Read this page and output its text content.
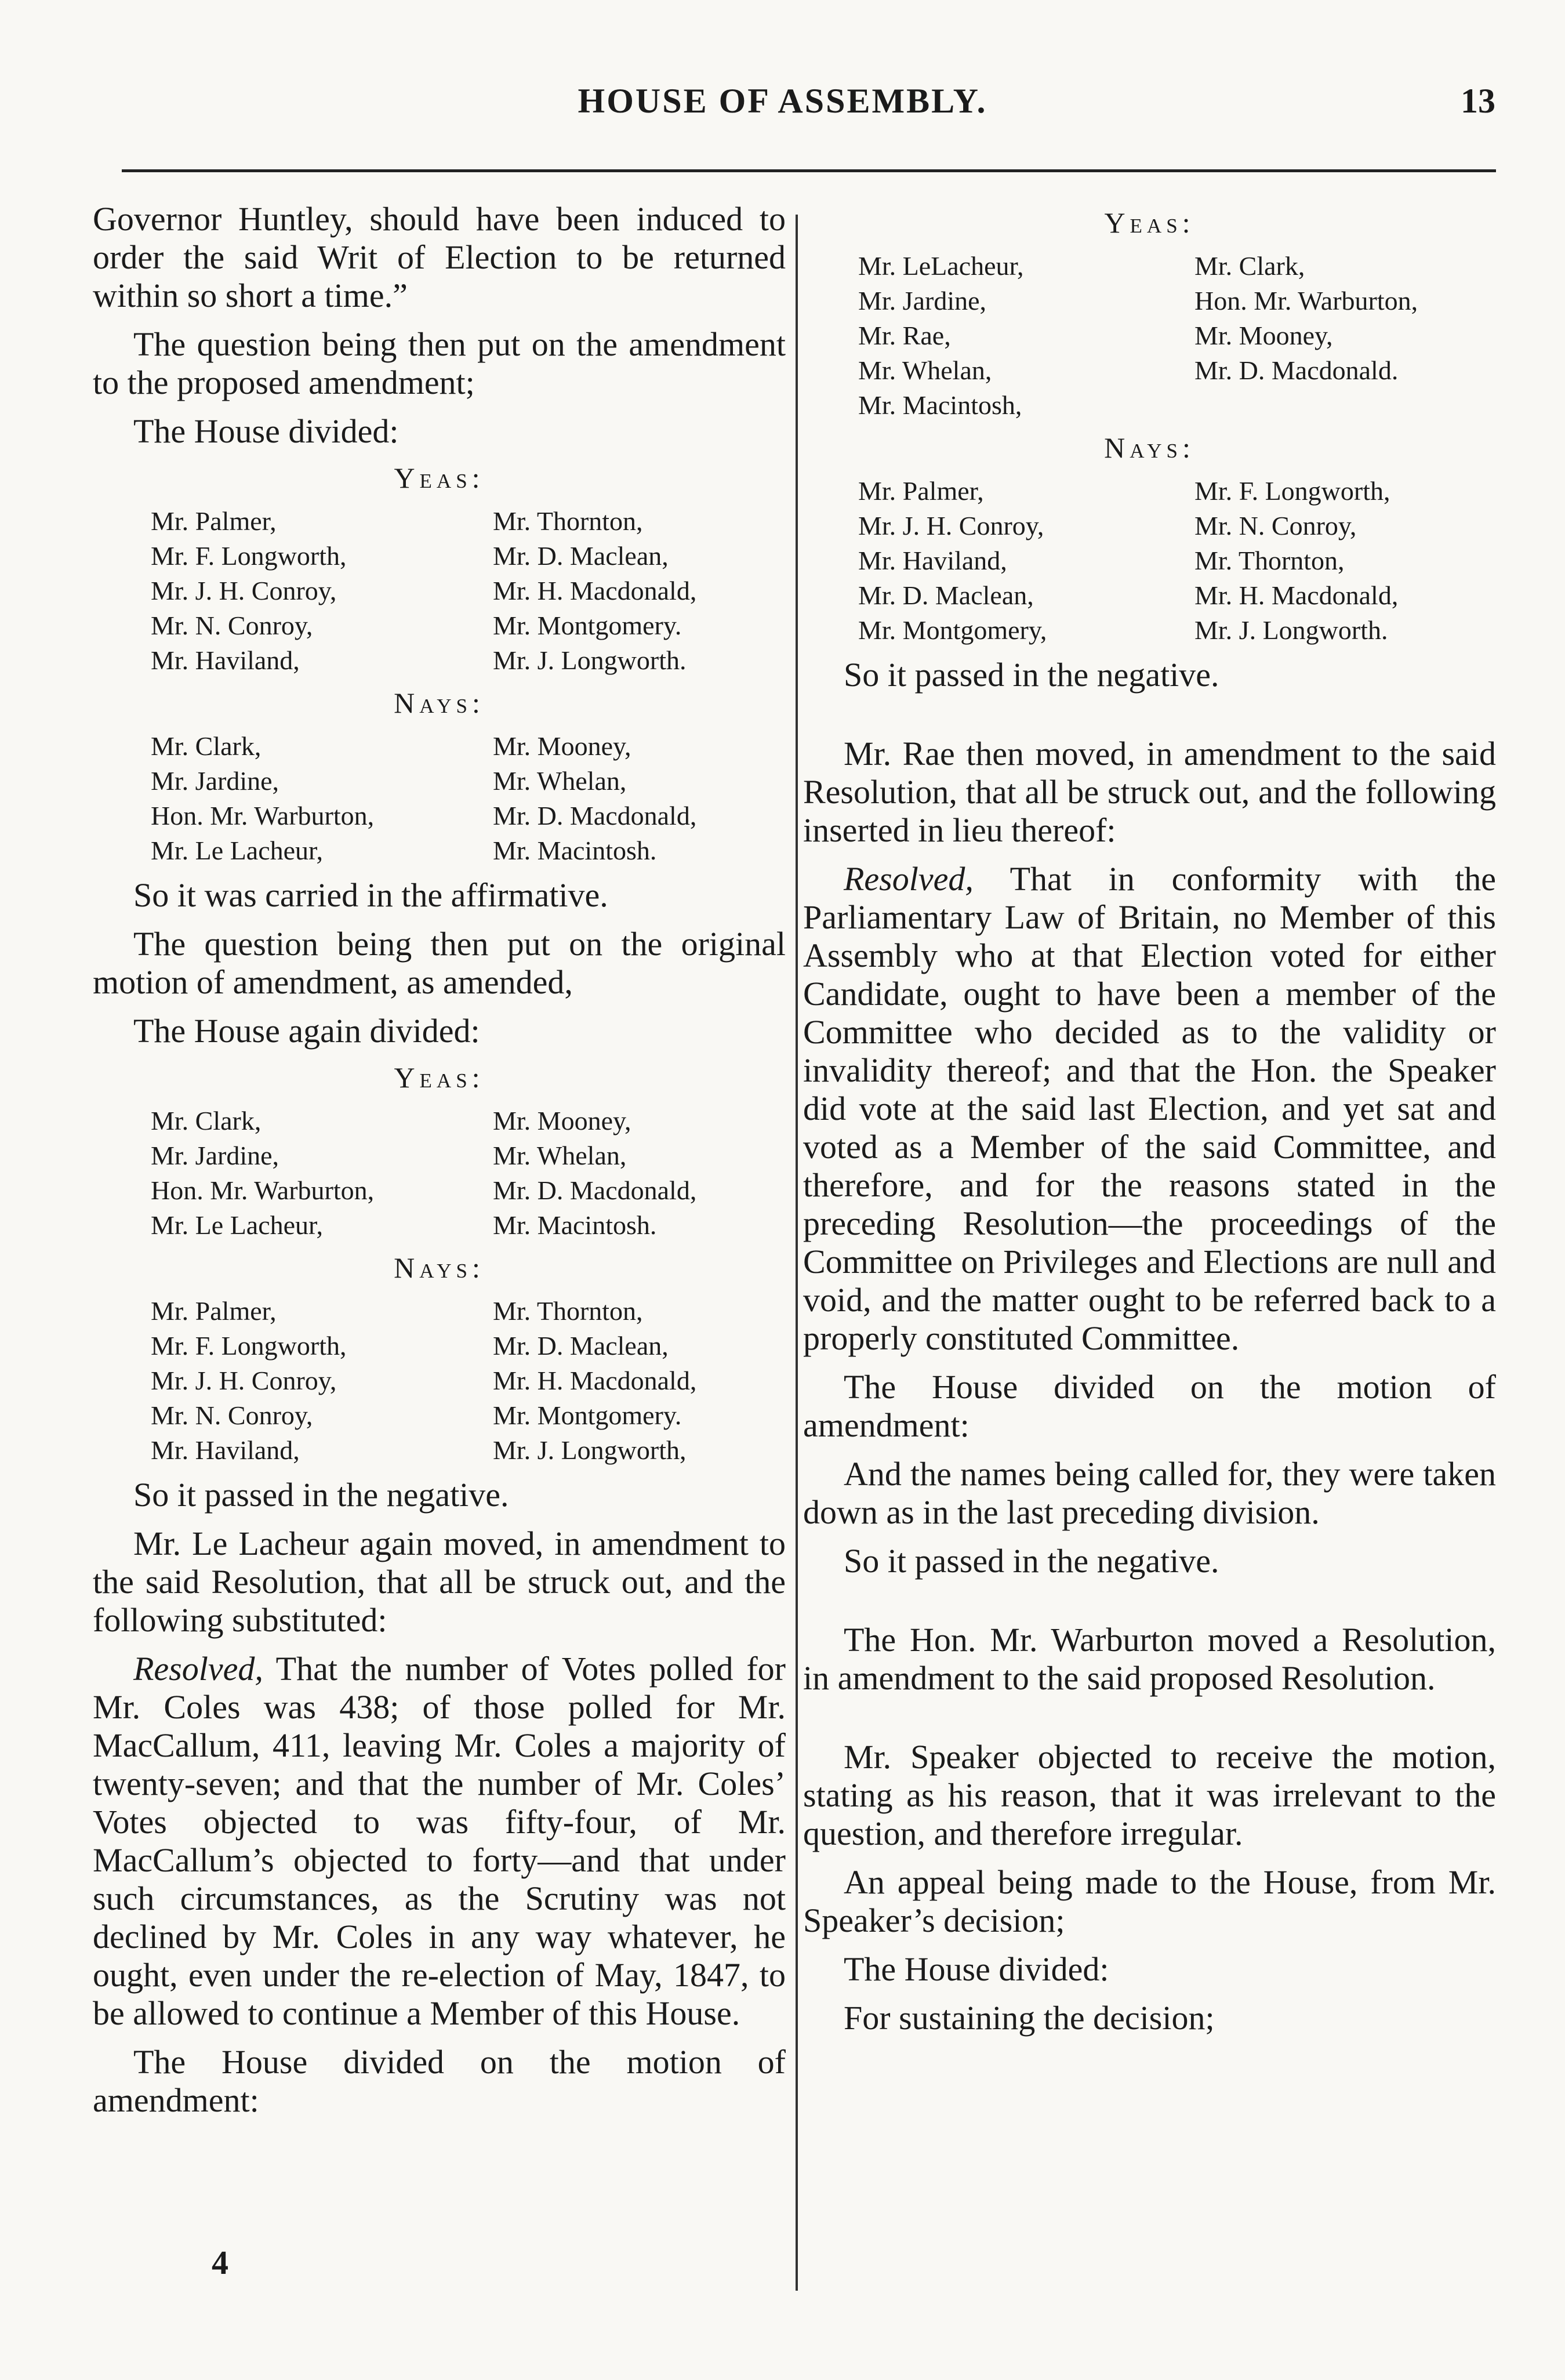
HOUSE OF ASSEMBLY.	13

Governor Huntley, should have been induced to order the said Writ of Election to be returned within so short a time.”

The question being then put on the amendment to the proposed amendment;

The House divided:

Yeas:
Mr. Palmer,	Mr. Thornton,
Mr. F. Longworth,	Mr. D. Maclean,
Mr. J. H. Conroy,	Mr. H. Macdonald,
Mr. N. Conroy,	Mr. Montgomery.
Mr. Haviland,	Mr. J. Longworth.
Nays:
Mr. Clark,	Mr. Mooney,
Mr. Jardine,	Mr. Whelan,
Hon. Mr. Warburton,	Mr. D. Macdonald,
Mr. Le Lacheur,	Mr. Macintosh.

So it was carried in the affirmative.

The question being then put on the original motion of amendment, as amended,

The House again divided:

Yeas:
Mr. Clark,	Mr. Mooney,
Mr. Jardine,	Mr. Whelan,
Hon. Mr. Warburton,	Mr. D. Macdonald,
Mr. Le Lacheur,	Mr. Macintosh.
Nays:
Mr. Palmer,	Mr. Thornton,
Mr. F. Longworth,	Mr. D. Maclean,
Mr. J. H. Conroy,	Mr. H. Macdonald,
Mr. N. Conroy,	Mr. Montgomery.
Mr. Haviland,	Mr. J. Longworth,

So it passed in the negative.

Mr. Le Lacheur again moved, in amendment to the said Resolution, that all be struck out, and the following substituted:

Resolved, That the number of Votes polled for Mr. Coles was 438; of those polled for Mr. MacCallum, 411, leaving Mr. Coles a majority of twenty-seven; and that the number of Mr. Coles’ Votes objected to was fifty-four, of Mr. MacCallum’s objected to forty—and that under such circumstances, as the Scrutiny was not declined by Mr. Coles in any way whatever, he ought, even under the re-election of May, 1847, to be allowed to continue a Member of this House.

The House divided on the motion of amendment:

4
Yeas:
Mr. LeLacheur,	Mr. Clark,
Mr. Jardine,	Hon. Mr. Warburton,
Mr. Rae,	Mr. Mooney,
Mr. Whelan,	Mr. D. Macdonald.
Mr. Macintosh,
Nays:
Mr. Palmer,	Mr. F. Longworth,
Mr. J. H. Conroy,	Mr. N. Conroy,
Mr. Haviland,	Mr. Thornton,
Mr. D. Maclean,	Mr. H. Macdonald,
Mr. Montgomery,	Mr. J. Longworth.

So it passed in the negative.

Mr. Rae then moved, in amendment to the said Resolution, that all be struck out, and the following inserted in lieu thereof:

Resolved, That in conformity with the Parliamentary Law of Britain, no Member of this Assembly who at that Election voted for either Candidate, ought to have been a member of the Committee who decided as to the validity or invalidity thereof; and that the Hon. the Speaker did vote at the said last Election, and yet sat and voted as a Member of the said Committee, and therefore, and for the reasons stated in the preceding Resolution—the proceedings of the Committee on Privileges and Elections are null and void, and the matter ought to be referred back to a properly constituted Committee.

The House divided on the motion of amendment:

And the names being called for, they were taken down as in the last preceding division.

So it passed in the negative.

The Hon. Mr. Warburton moved a Resolution, in amendment to the said proposed Resolution.

Mr. Speaker objected to receive the motion, stating as his reason, that it was irrelevant to the question, and therefore irregular.

An appeal being made to the House, from Mr. Speaker’s decision;

The House divided:

For sustaining the decision;
